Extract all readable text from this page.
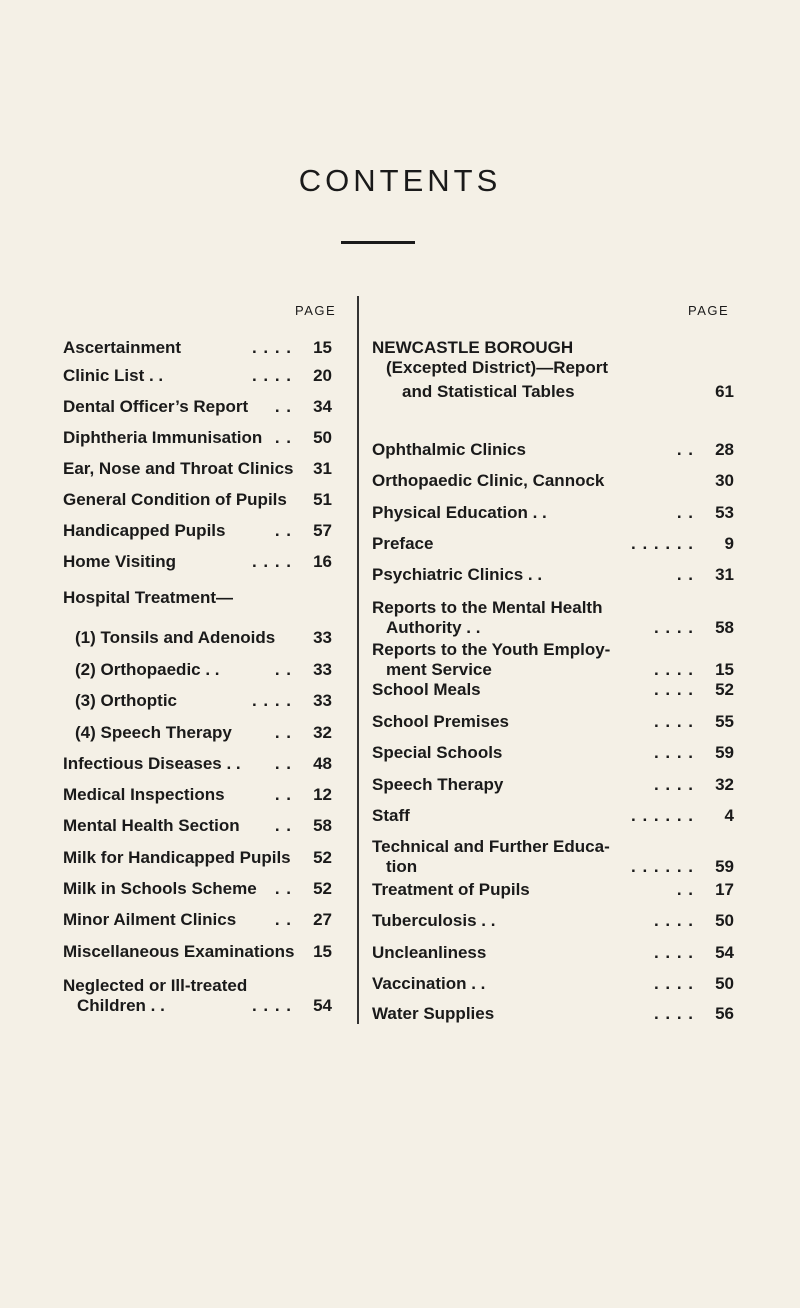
CONTENTS
PAGE	PAGE
Ascertainment	. . . . 15
Clinic List . .	. . . . 20
Dental Officer’s Report . . 34
Diphtheria Immunisation . . 50
Ear, Nose and Throat Clinics 31
General Condition of Pupils 51
Handicapped Pupils	. . 57
Home Visiting	. . . . 16
Hospital Treatment—
(1) Tonsils and Adenoids 33
(2) Orthopaedic . .	. . 33
(3) Orthoptic	. . . . 33
(4) Speech Therapy	. . 32
Infectious Diseases . . . . 48
Medical Inspections	. . 12
Mental Health Section . . 58
Milk for Handicapped Pupils 52
Milk in Schools Scheme . . 52
Minor Ailment Clinics . . 27
Miscellaneous Examinations 15
Neglected or Ill-treated
Children . .	. . . . 54
NEWCASTLE BOROUGH
(Excepted District)—Report
and Statistical Tables	61
Ophthalmic Clinics	. . 28
Orthopaedic Clinic, Cannock	30
Physical Education . .	. . 53
Preface	. . . . . . 9
Psychiatric Clinics . .	. . 31
Reports to the Mental Health
Authority . .	. . . . 58
Reports to the Youth Employ-
ment Service	. . . . 15
School Meals	. . . . 52
School Premises	. . . . 55
Special Schools	. . . . 59
Speech Therapy	. . . . 32
Staff	. . . . . . 4
Technical and Further Educa-
tion	. . . . . . 59
Treatment of Pupils	. . 17
Tuberculosis . .	. . . . 50
Uncleanliness	. . . . 54
Vaccination . .	. . . . 50
Water Supplies	. . . . 56
